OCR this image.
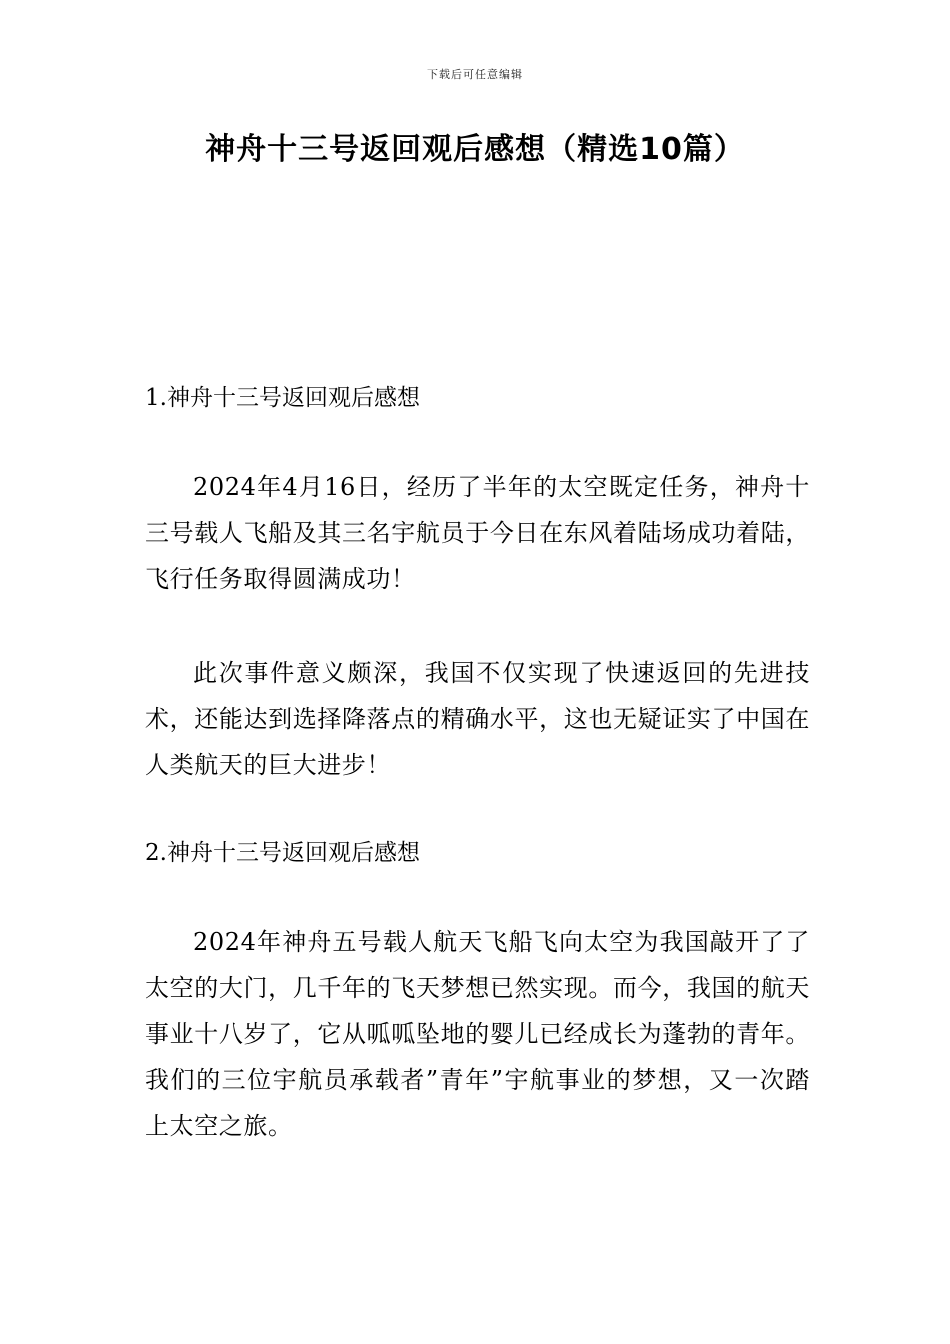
下载后可任意编辑
神舟十三号返回观后感想（精选10篇）

1.神舟十三号返回观后感想

2024年4月16日，经历了半年的太空既定任务，神舟十三号载人飞船及其三名宇航员于今日在东风着陆场成功着陆，飞行任务取得圆满成功！

此次事件意义颇深，我国不仅实现了快速返回的先进技术，还能达到选择降落点的精确水平，这也无疑证实了中国在人类航天的巨大进步！

2.神舟十三号返回观后感想

2024年神舟五号载人航天飞船飞向太空为我国敲开了了太空的大门，几千年的飞天梦想已然实现。而今，我国的航天事业十八岁了，它从呱呱坠地的婴儿已经成长为蓬勃的青年。我们的三位宇航员承载者”青年”宇航事业的梦想，又一次踏上太空之旅。
